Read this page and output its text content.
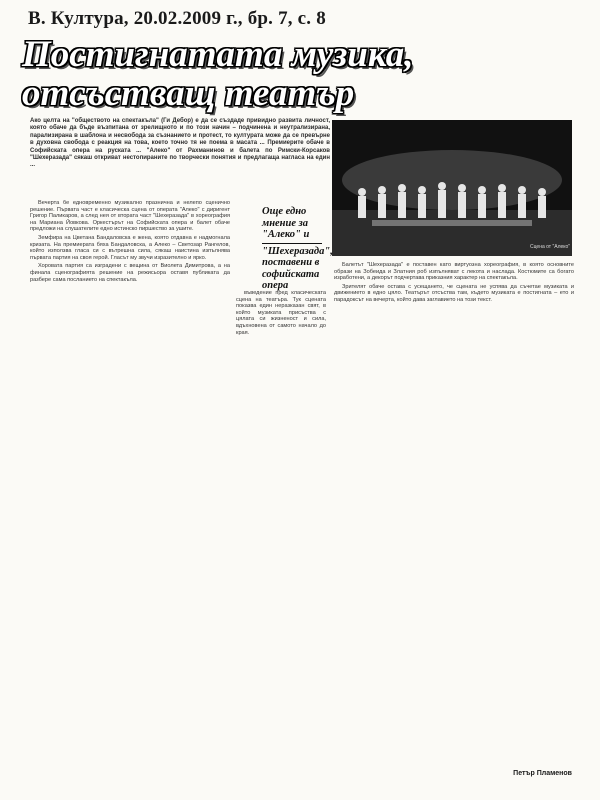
В. Култура, 20.02.2009 г., бр. 7, с. 8
Постигнатата музика,
отсъстващ театър
Ако целта на "обществото на спектакъла" (Ги Дебор) е да се създаде привидно развита личност, която обаче да бъде възпитана от зрелищното и по този начин – подчинена и неутрализирана, парализирана в шаблона и несвобода за съзнанието и протест, то културата може да се превърне в духовна свобода с реакция на това, което точно тя не поема в масата ... Премиерите обаче в Софийската опера на руската ... "Алеко" от Рахманинов и балета по Римски-Корсаков "Шехеразада" сякаш откриват нестопираните по творчески понятия и предлагаща нагласа на един ...
Сцена от "Алеко"
Още едно мнение за "Алеко" и
"Шехеразада", поставени в софийската опера

Вечерта бе едновременно музикално празнична и нелепо сценично решение. Първата част е класическа сцена от операта "Алеко" с диригент Григор Паликаров, а след нея от втората част "Шехеразада" в хореография на Мариана Йовкова. Оркестърът на Софийската опера и балет обаче предложи на слушателите едно истинско пиршество за ушите.

Земфира на Цветана Бандаловска е жена, която отдавна е надмогнала кризата. На премиерата бяха Бандаловска, а Алеко – Светозар Рангелов, който използва гласа си с вътрешна сила, сякаш наистина изпълнява първата партия на своя герой. Гласът му звучи изразително и ярко.

Хоровата партия са изградени с вещина от Виолета Димитрова, а на финала сценографията решение на режисьора оставя публиката да разбере сама посланието на спектакъла.

въведение пред класическата сцена на театъра. Тук сцената показва един неразказан свят, в който музиката присъства с цялата си жизненост и сила, вдъхновена от самото начало до края.

Балетът "Шехеразада" е поставен като виртуозна хореография, в която основните образи на Зобеида и Златния роб изпълняват с лекота и наслада. Костюмите са богато изработени, а декорът подчертава приказния характер на спектакъла.

Зрителят обаче остава с усещането, че сцената не успява да съчетае музиката и движението в едно цяло. Театърът отсъства там, където музиката е постигната – ето и парадоксът на вечерта, който дава заглавието на този текст.

Петър Пламенов
